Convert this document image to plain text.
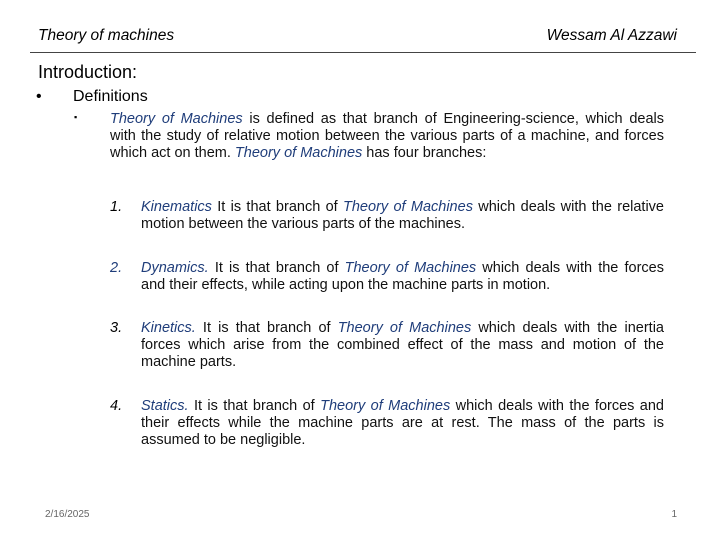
Theory of machines	Wessam Al Azzawi
Introduction:
• Definitions
▪ Theory of Machines is defined as that branch of Engineering-science, which deals with the study of relative motion between the various parts of a machine, and forces which act on them. Theory of Machines has four branches:
1. Kinematics It is that branch of Theory of Machines which deals with the relative motion between the various parts of the machines.
2. Dynamics. It is that branch of Theory of Machines which deals with the forces and their effects, while acting upon the machine parts in motion.
3. Kinetics. It is that branch of Theory of Machines which deals with the inertia forces which arise from the combined effect of the mass and motion of the machine parts.
4. Statics. It is that branch of Theory of Machines which deals with the forces and their effects while the machine parts are at rest. The mass of the parts is assumed to be negligible.
2/16/2025	1
